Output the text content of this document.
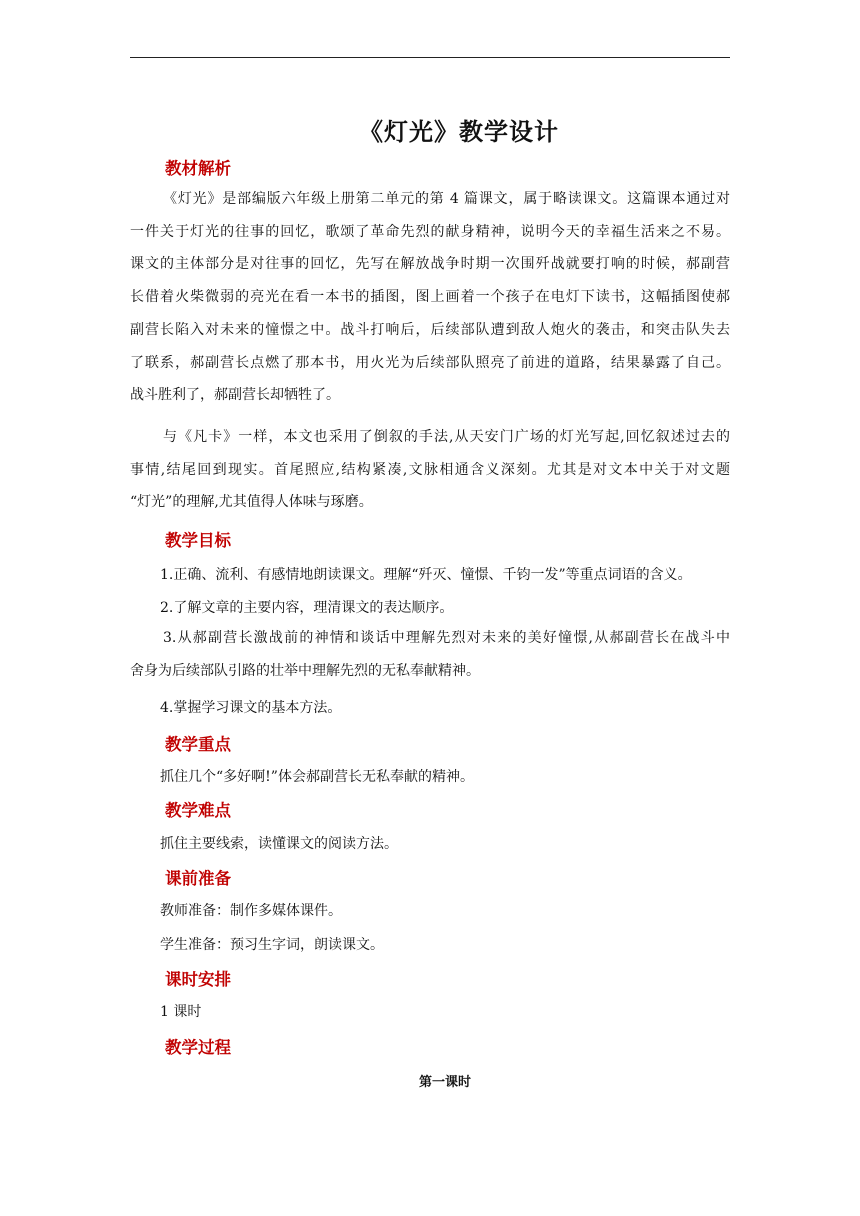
《灯光》教学设计
教材解析
《灯光》是部编版六年级上册第二单元的第 4 篇课文，属于略读课文。这篇课本通过对
一件关于灯光的往事的回忆，歌颂了革命先烈的献身精神，说明今天的幸福生活来之不易。
课文的主体部分是对往事的回忆，先写在解放战争时期一次围歼战就要打响的时候，郝副营
长借着火柴微弱的亮光在看一本书的插图，图上画着一个孩子在电灯下读书，这幅插图使郝
副营长陷入对未来的憧憬之中。战斗打响后，后续部队遭到敌人炮火的袭击，和突击队失去
了联系，郝副营长点燃了那本书，用火光为后续部队照亮了前进的道路，结果暴露了自己。
战斗胜利了，郝副营长却牺牲了。
与《凡卡》一样，本文也采用了倒叙的手法,从天安门广场的灯光写起,回忆叙述过去的
事情,结尾回到现实。首尾照应,结构紧凑,文脉相通含义深刻。尤其是对文本中关于对文题
“灯光”的理解,尤其值得人体味与琢磨。
教学目标
1.正确、流利、有感情地朗读课文。理解“歼灭、憧憬、千钧一发”等重点词语的含义。
2.了解文章的主要内容，理清课文的表达顺序。
3.从郝副营长激战前的神情和谈话中理解先烈对未来的美好憧憬,从郝副营长在战斗中
舍身为后续部队引路的壮举中理解先烈的无私奉献精神。
4.掌握学习课文的基本方法。
教学重点
抓住几个“多好啊!”体会郝副营长无私奉献的精神。
教学难点
抓住主要线索，读懂课文的阅读方法。
课前准备
教师准备：制作多媒体课件。
学生准备：预习生字词，朗读课文。
课时安排
1 课时
教学过程
第一课时
